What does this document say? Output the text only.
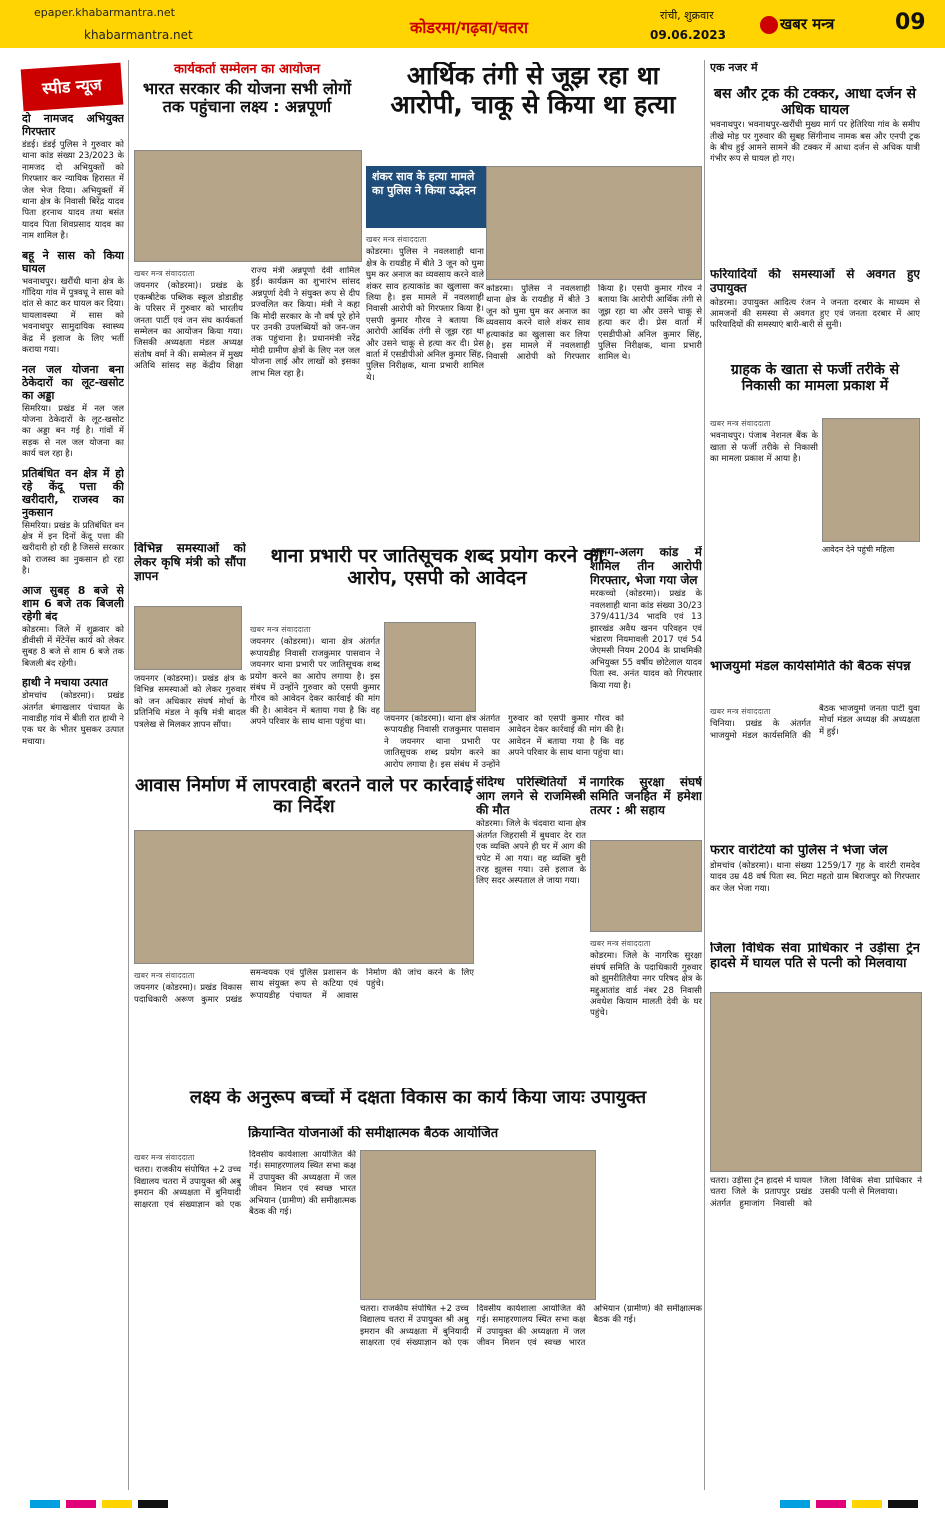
epaper.khabarmantra.net
khabarmantra.net	कोडरमा/गढ़वा/चतरा
रांची, शुक्रवार
09.06.2023
खबर मन्त्र	09
स्पीड न्यूज

दो नामजद अभियुक्त गिरफ्तार

डंडई। डंडई पुलिस ने गुरुवार को थाना कांड संख्या 23/2023 के नामजद दो अभियुक्तों को गिरफ्तार कर न्यायिक हिरासत में जेल भेज दिया। अभियुक्तों में थाना क्षेत्र के निवासी बिरेंद्र यादव पिता हरनाथ यादव तथा बसंत यादव पिता शिवप्रसाद यादव का नाम शामिल है।

बहू ने सास को किया घायल

भवनाथपुर। खरौंधी थाना क्षेत्र के गाँदिया गांव में पुत्रवधू ने सास को दांत से काट कर घायल कर दिया। घायलावस्था में सास को भवनाथपुर सामुदायिक स्वास्थ्य केंद्र में इलाज के लिए भर्ती कराया गया।

नल जल योजना बना ठेकेदारों का लूट-खसोट का अड्डा

सिमरिया। प्रखंड में नल जल योजना ठेकेदारों के लूट-खसोट का अड्डा बन गई है। गांवों में सड़क से नल जल योजना का कार्य चल रहा है।

प्रतिबंधित वन क्षेत्र में हो रहे केंदू पत्ता की खरीदारी, राजस्व का नुकसान

सिमरिया। प्रखंड के प्रतिबंधित वन क्षेत्र में इन दिनों केंदू पत्ता की खरीदारी हो रही है जिससे सरकार को राजस्व का नुकसान हो रहा है।

आज सुबह 8 बजे से शाम 6 बजे तक बिजली रहेगी बंद

कोडरमा। जिले में शुक्रवार को डीवीसी में मेंटेनेंस कार्य को लेकर सुबह 8 बजे से शाम 6 बजे तक बिजली बंद रहेगी।

हाथी ने मचाया उत्पात

डोमचांच (कोडरमा)। प्रखंड अंतर्गत बंगाखलार पंचायत के नावाडीह गांव में बीती रात हाथी ने एक घर के भीतर घुसकर उत्पात मचाया।

कार्यकर्ता सम्मेलन का आयोजन

भारत सरकार की योजना सभी लोगों तक पहुंचाना लक्ष्य : अन्नपूर्णा

खबर मन्त्र संवाददाता

जयनगर (कोडरमा)। प्रखंड के एकम्बीटेक पब्लिक स्कूल डोडाडीह के परिसर में गुरुवार को भारतीय जनता पार्टी एवं जन संघ कार्यकर्ता सम्मेलन का आयोजन किया गया। जिसकी अध्यक्षता मंडल अध्यक्ष संतोष वर्मा ने की। सम्मेलन में मुख्य अतिथि सांसद सह केंद्रीय शिक्षा राज्य मंत्री अन्नपूर्णा देवी शामिल हुईं। कार्यक्रम का शुभारंभ सांसद अन्नपूर्णा देवी ने संयुक्त रूप से दीप प्रज्वलित कर किया। मंत्री ने कहा कि मोदी सरकार के नौ वर्ष पूरे होने पर उनकी उपलब्धियों को जन-जन तक पहुंचाना है। प्रधानमंत्री नरेंद्र मोदी ग्रामीण क्षेत्रों के लिए नल जल योजना लाई और लाखों को इसका लाभ मिल रहा है।

आर्थिक तंगी से जूझ रहा था आरोपी, चाकू से किया था हत्या

शंकर साव के हत्या मामले का पुलिस ने किया उद्भेदन

खबर मन्त्र संवाददाता

कोडरमा। पुलिस ने नवलशाही थाना क्षेत्र के रायडीह में बीते 3 जून को घुमा घुम कर अनाज का व्यवसाय करने वाले शंकर साव हत्याकांड का खुलासा कर लिया है। इस मामले में नवलशाही निवासी आरोपी को गिरफ्तार किया है। एसपी कुमार गौरव ने बताया कि आरोपी आर्थिक तंगी से जूझ रहा था और उसने चाकू से हत्या कर दी। प्रेस वार्ता में एसडीपीओ अनिल कुमार सिंह, पुलिस निरीक्षक, थाना प्रभारी शामिल थे।

कोडरमा। पुलिस ने नवलशाही थाना क्षेत्र के रायडीह में बीते 3 जून को घुमा घुम कर अनाज का व्यवसाय करने वाले शंकर साव हत्याकांड का खुलासा कर लिया है। इस मामले में नवलशाही निवासी आरोपी को गिरफ्तार किया है। एसपी कुमार गौरव ने बताया कि आरोपी आर्थिक तंगी से जूझ रहा था और उसने चाकू से हत्या कर दी। प्रेस वार्ता में एसडीपीओ अनिल कुमार सिंह, पुलिस निरीक्षक, थाना प्रभारी शामिल थे।

विभिन्न समस्याओं को लेकर कृषि मंत्री को सौंपा ज्ञापन

जयनगर (कोडरमा)। प्रखंड क्षेत्र के विभिन्न समस्याओं को लेकर गुरुवार को जन अधिकार संघर्ष मोर्चा के प्रतिनिधि मंडल ने कृषि मंत्री बादल पत्रलेख से मिलकर ज्ञापन सौंपा।

थाना प्रभारी पर जातिसूचक शब्द प्रयोग करने का आरोप, एसपी को आवेदन

खबर मन्त्र संवाददाता

जयनगर (कोडरमा)। थाना क्षेत्र अंतर्गत रूपायडीह निवासी राजकुमार पासवान ने जयनगर थाना प्रभारी पर जातिसूचक शब्द प्रयोग करने का आरोप लगाया है। इस संबंध में उन्होंने गुरुवार को एसपी कुमार गौरव को आवेदन देकर कार्रवाई की मांग की है। आवेदन में बताया गया है कि वह अपने परिवार के साथ थाना पहुंचा था।	जयनगर (कोडरमा)। थाना क्षेत्र अंतर्गत रूपायडीह निवासी राजकुमार पासवान ने जयनगर थाना प्रभारी पर जातिसूचक शब्द प्रयोग करने का आरोप लगाया है। इस संबंध में उन्होंने गुरुवार को एसपी कुमार गौरव को आवेदन देकर कार्रवाई की मांग की है। आवेदन में बताया गया है कि वह अपने परिवार के साथ थाना पहुंचा था।

अलग-अलग कांड में शामिल तीन आरोपी गिरफ्तार, भेजा गया जेल

मरकच्चो (कोडरमा)। प्रखंड के नवलशाही थाना कांड संख्या 30/23 379/411/34 भादवि एवं 13 झारखंड अवैध खनन परिवहन एवं भंडारण नियमावली 2017 एवं 54 जेएमसी नियम 2004 के प्राथमिकी अभियुक्त 55 वर्षीय छोटेलाल यादव पिता स्व. अनंत यादव को गिरफ्तार किया गया है।

आवास निर्माण में लापरवाही बरतने वाले पर कार्रवाई का निर्देश

खबर मन्त्र संवाददाता

जयनगर (कोडरमा)। प्रखंड विकास पदाधिकारी अरूण कुमार प्रखंड समन्वयक एवं पुलिस प्रशासन के साथ संयुक्त रूप से कटिया एवं रूपायडीह पंचायत में आवास निर्माण की जांच करने के लिए पहुंचे।

संदिग्ध परिस्थितियों में आग लगने से राजमिस्त्री की मौत

कोडरमा। जिले के चंदवारा थाना क्षेत्र अंतर्गत जिहरासी में बुधवार देर रात एक व्यक्ति अपने ही घर में आग की चपेट में आ गया। वह व्यक्ति बुरी तरह झुलस गया। उसे इलाज के लिए सदर अस्पताल ले जाया गया।

नागरिक सुरक्षा संघर्ष समिति जनहित में हमेशा तत्पर : श्री सहाय

खबर मन्त्र संवाददाता

कोडरमा। जिले के नागरिक सुरक्षा संघर्ष समिति के पदाधिकारी गुरुवार को झुमरीतिलैया नगर परिषद क्षेत्र के मद्दुआतांड वार्ड नंबर 28 निवासी अवधेश कियाम मालती देवी के घर पहुंचे।

लक्ष्य के अनुरूप बच्चों में दक्षता विकास का कार्य किया जायः उपायुक्त

क्रियान्वित योजनाओं की समीक्षात्मक बैठक आयोजित

खबर मन्त्र संवाददाता

चतरा। राजकीय संपोषित +2 उच्च विद्यालय चतरा में उपायुक्त श्री अबु इमरान की अध्यक्षता में बुनियादी साक्षरता एवं संख्याज्ञान को एक दिवसीय कार्यशाला आयोजित की गई। समाहरणालय स्थित सभा कक्ष में उपायुक्त की अध्यक्षता में जल जीवन मिशन एवं स्वच्छ भारत अभियान (ग्रामीण) की समीक्षात्मक बैठक की गई।

चतरा। राजकीय संपोषित +2 उच्च विद्यालय चतरा में उपायुक्त श्री अबु इमरान की अध्यक्षता में बुनियादी साक्षरता एवं संख्याज्ञान को एक दिवसीय कार्यशाला आयोजित की गई। समाहरणालय स्थित सभा कक्ष में उपायुक्त की अध्यक्षता में जल जीवन मिशन एवं स्वच्छ भारत अभियान (ग्रामीण) की समीक्षात्मक बैठक की गई।

एक नजर में

बस और ट्रक की टक्कर, आधा दर्जन से अधिक घायल

भवनाथपुर। भवनाथपुर-खरौंधी मुख्य मार्ग पर हेतिरिया गांव के समीप तीखे मोड़ पर गुरुवार की सुबह सिंगीनाथ नामक बस और एनपी ट्रक के बीच हुई आमने सामने की टक्कर में आधा दर्जन से अधिक यात्री गंभीर रूप से घायल हो गए।

फरियादियों की समस्याओं से अवगत हुए उपायुक्त

कोडरमा। उपायुक्त आदित्य रंजन ने जनता दरबार के माध्यम से आमजनों की समस्या से अवगत हुए एवं जनता दरबार में आए फरियादियों की समस्याएं बारी-बारी से सुनी।

ग्राहक के खाता से फर्जी तरीके से निकासी का मामला प्रकाश में

खबर मन्त्र संवाददाता

भवनाथपुर। पंजाब नेशनल बैंक के खाता से फर्जी तरीके से निकासी का मामला प्रकाश में आया है।

आवेदन देने पहुंची महिला

भाजयुमो मंडल कार्यसमिति की बैठक संपन्न

खबर मन्त्र संवाददाता

चिनिया। प्रखंड के अंतर्गत भाजयुमो मंडल कार्यसमिति की बैठक भाजयुमो जनता पार्टी युवा मोर्चा मंडल अध्यक्ष की अध्यक्षता में हुई।

फरार वारंटियों को पुलिस ने भेजा जेल

डोमचांच (कोडरमा)। थाना संख्या 1259/17 गृह के वारंटी रामदेव यादव उम्र 48 वर्ष पिता स्व. मिटा महतो ग्राम बिराजपुर को गिरफ्तार कर जेल भेजा गया।

जिला विधिक सेवा प्राधिकार ने उड़ीसा ट्रेन हादसे में घायल पति से पत्नी को मिलवाया

चतरा। उड़ीसा ट्रेन हादसे में घायल चतरा जिले के प्रतापपुर प्रखंड अंतर्गत हुमाजांग निवासी को जिला विधिक सेवा प्राधिकार ने उसकी पत्नी से मिलवाया।
